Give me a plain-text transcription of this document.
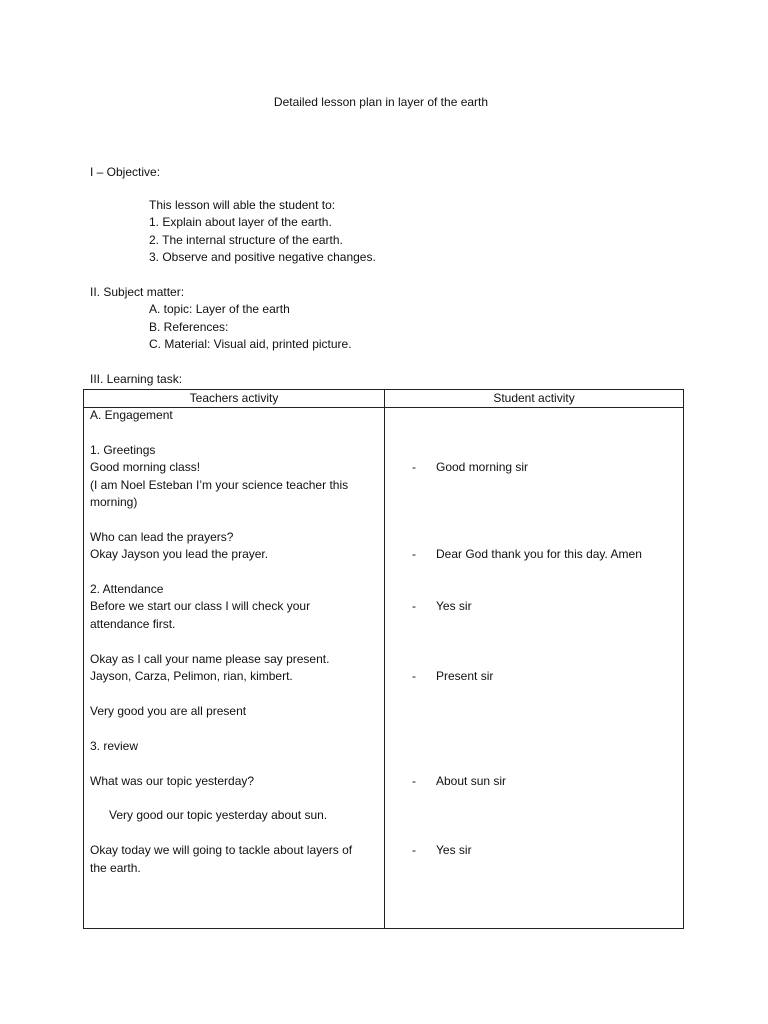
Detailed lesson plan in layer of the earth
I – Objective:
This lesson will able the student to:
1. Explain about layer of the earth.
2. The internal structure of the earth.
3. Observe and positive negative changes.
II. Subject matter:
A. topic: Layer of the earth
B. References:
C. Material: Visual aid, printed picture.
III. Learning task:
Teachers activity	Student activity
A. Engagement
1. Greetings
Good morning class!
(I am Noel Esteban I’m your science teacher this
morning)
Who can lead the prayers?
Okay Jayson you lead the prayer.
2. Attendance
Before we start our class I will check your
attendance first.
Okay as I call your name please say present.
Jayson, Carza, Pelimon, rian, kimbert.
Very good you are all present
3. review
What was our topic yesterday?
Very good our topic yesterday about sun.
Okay today we will going to tackle about layers of
the earth.
- Good morning sir
- Dear God thank you for this day. Amen
- Yes sir
- Present sir
- About sun sir
- Yes sir
